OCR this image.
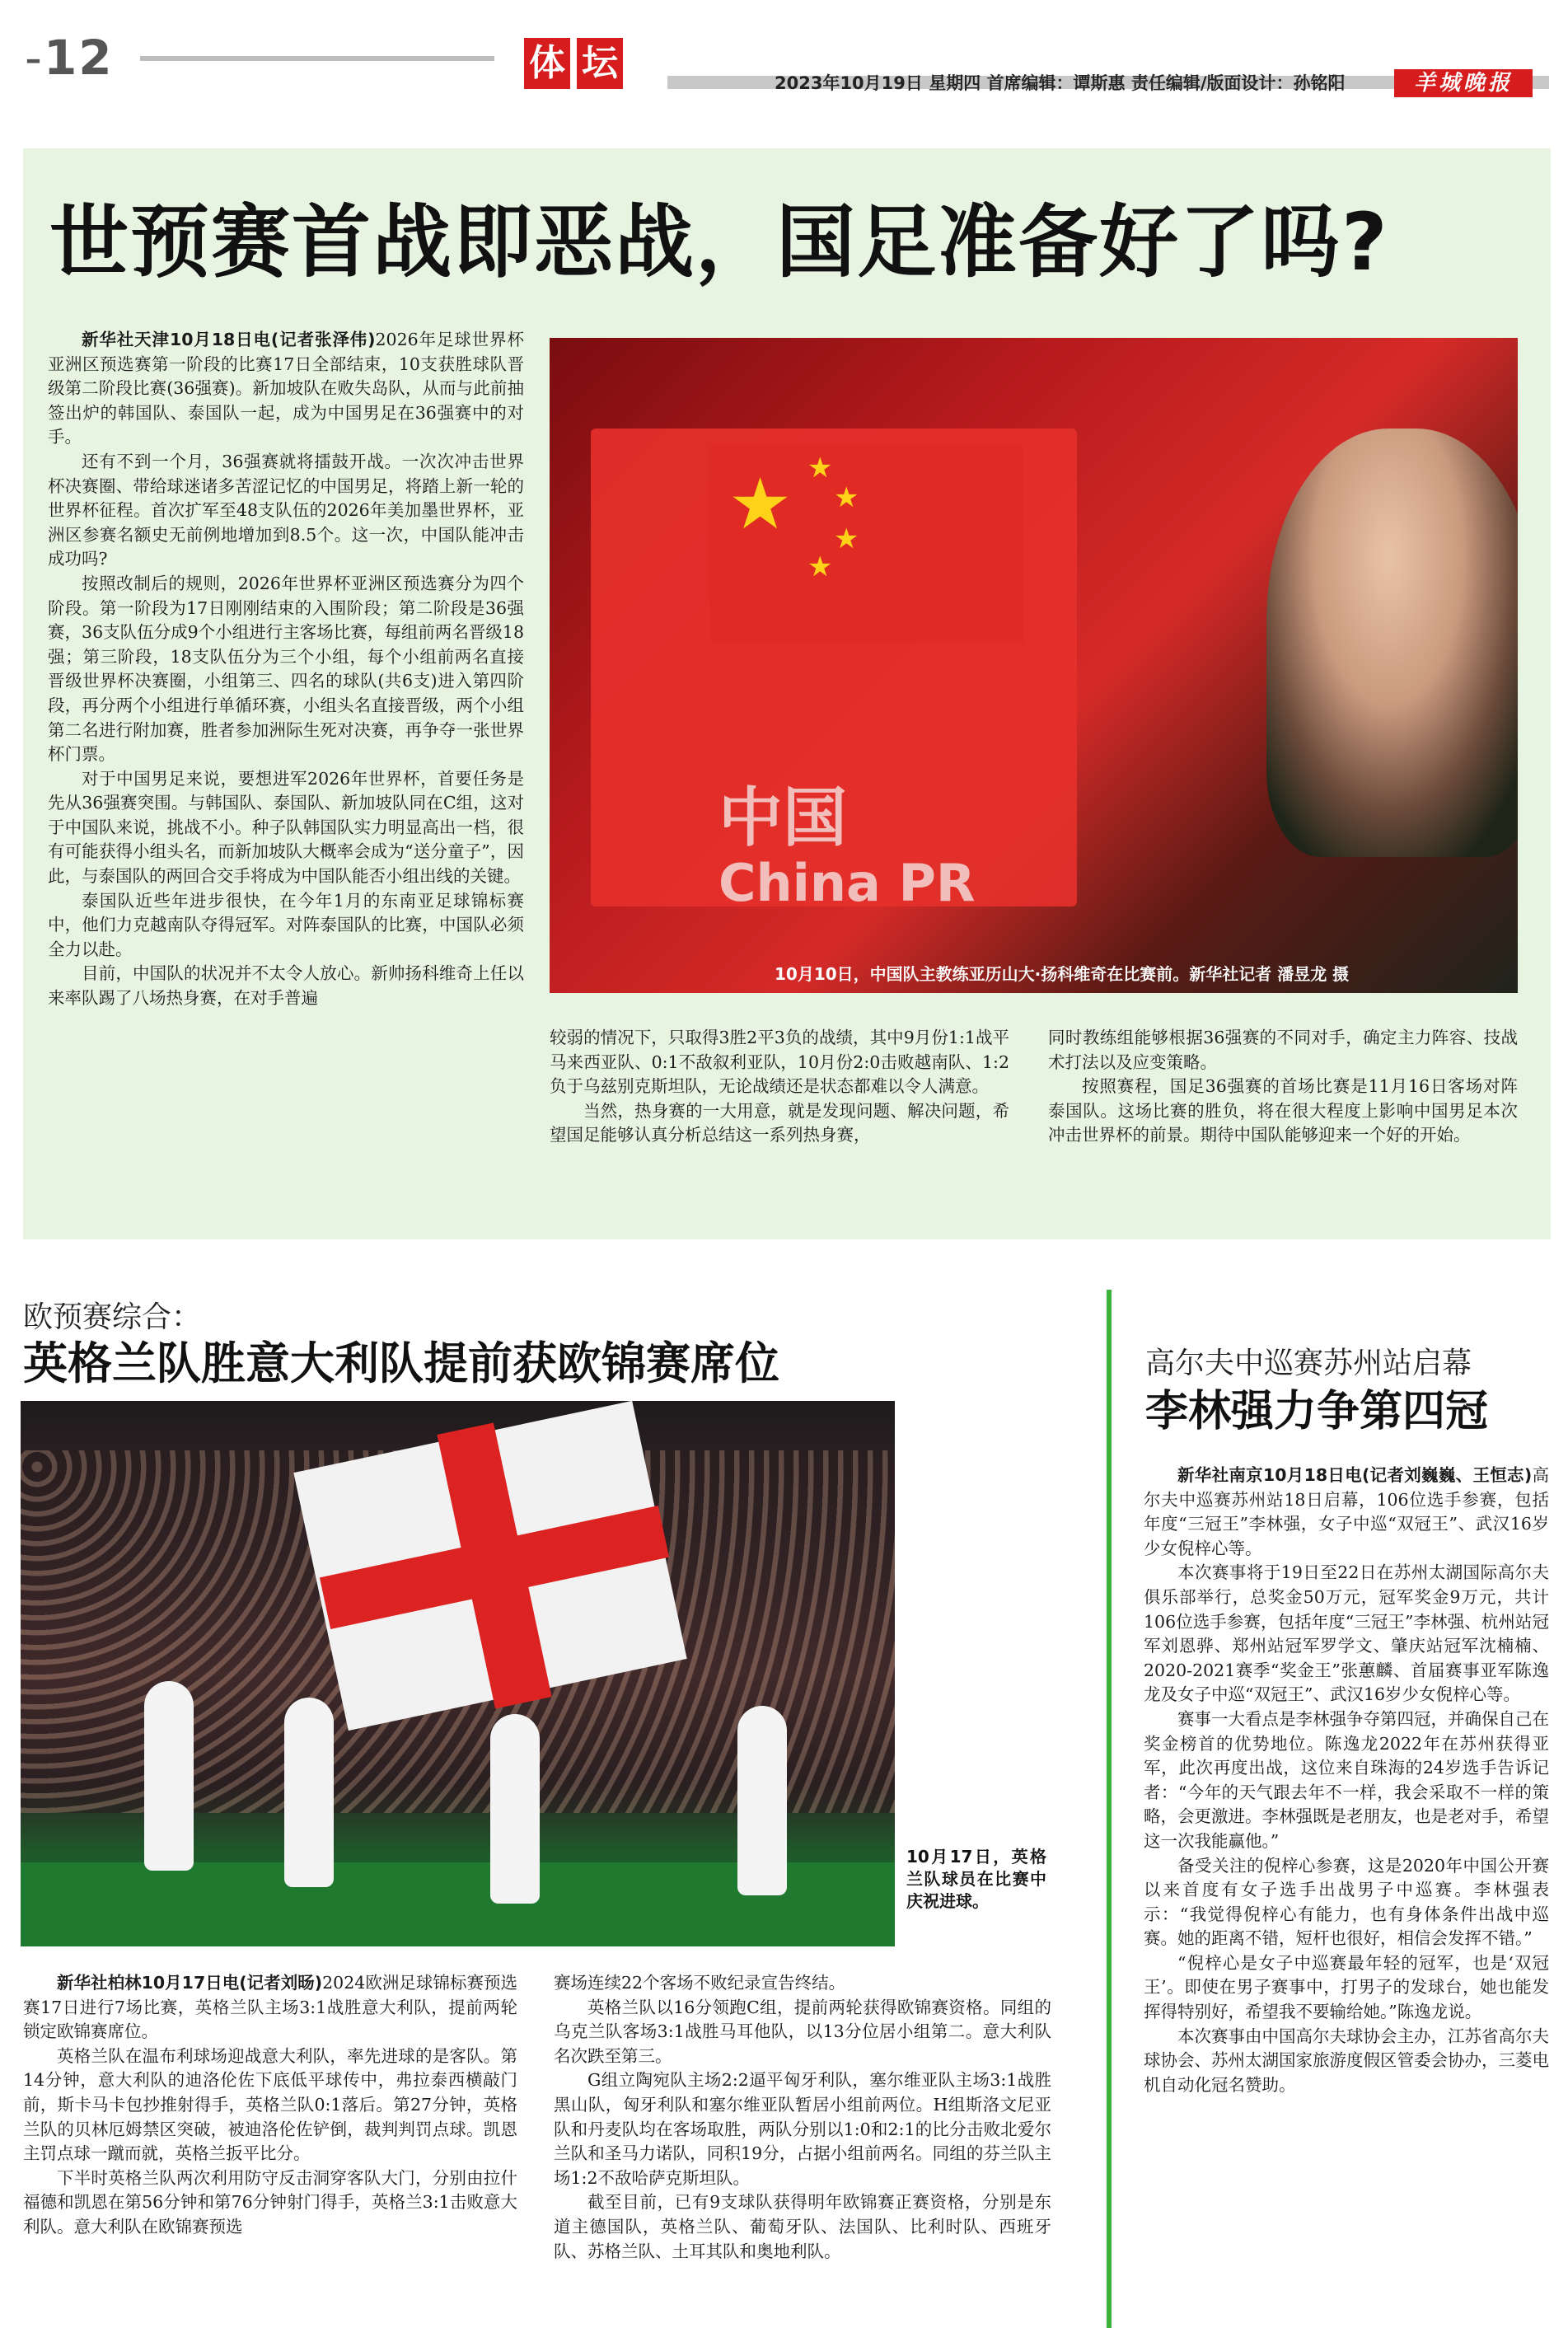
-12	体 坛	2023年10月19日 星期四 首席编辑：谭斯惠 责任编辑/版面设计：孙铭阳	羊城晚报
世预赛首战即恶战，国足准备好了吗?

新华社天津10月18日电(记者张泽伟)2026年足球世界杯亚洲区预选赛第一阶段的比赛17日全部结束，10支获胜球队晋级第二阶段比赛(36强赛)。新加坡队在败失岛队，从而与此前抽签出炉的韩国队、泰国队一起，成为中国男足在36强赛中的对手。

还有不到一个月，36强赛就将擂鼓开战。一次次冲击世界杯决赛圈、带给球迷诸多苦涩记忆的中国男足，将踏上新一轮的世界杯征程。首次扩军至48支队伍的2026年美加墨世界杯，亚洲区参赛名额史无前例地增加到8.5个。这一次，中国队能冲击成功吗?

按照改制后的规则，2026年世界杯亚洲区预选赛分为四个阶段。第一阶段为17日刚刚结束的入围阶段；第二阶段是36强赛，36支队伍分成9个小组进行主客场比赛，每组前两名晋级18强；第三阶段，18支队伍分为三个小组，每个小组前两名直接晋级世界杯决赛圈，小组第三、四名的球队(共6支)进入第四阶段，再分两个小组进行单循环赛，小组头名直接晋级，两个小组第二名进行附加赛，胜者参加洲际生死对决赛，再争夺一张世界杯门票。

对于中国男足来说，要想进军2026年世界杯，首要任务是先从36强赛突围。与韩国队、泰国队、新加坡队同在C组，这对于中国队来说，挑战不小。种子队韩国队实力明显高出一档，很有可能获得小组头名，而新加坡队大概率会成为“送分童子”，因此，与泰国队的两回合交手将成为中国队能否小组出线的关键。

泰国队近些年进步很快，在今年1月的东南亚足球锦标赛中，他们力克越南队夺得冠军。对阵泰国队的比赛，中国队必须全力以赴。

目前，中国队的状况并不太令人放心。新帅扬科维奇上任以来率队踢了八场热身赛，在对手普遍

★ ★
★
★
★
中国
China PR
10月10日，中国队主教练亚历山大·扬科维奇在比赛前。新华社记者 潘昱龙 摄

较弱的情况下，只取得3胜2平3负的战绩，其中9月份1:1战平马来西亚队、0:1不敌叙利亚队，10月份2:0击败越南队、1:2负于乌兹别克斯坦队，无论战绩还是状态都难以令人满意。

当然，热身赛的一大用意，就是发现问题、解决问题，希望国足能够认真分析总结这一系列热身赛，

同时教练组能够根据36强赛的不同对手，确定主力阵容、技战术打法以及应变策略。

按照赛程，国足36强赛的首场比赛是11月16日客场对阵泰国队。这场比赛的胜负，将在很大程度上影响中国男足本次冲击世界杯的前景。期待中国队能够迎来一个好的开始。

欧预赛综合：
英格兰队胜意大利队提前获欧锦赛席位
10月17日，英格兰队球员在比赛中庆祝进球。

新华社柏林10月17日电(记者刘旸)2024欧洲足球锦标赛预选赛17日进行7场比赛，英格兰队主场3:1战胜意大利队，提前两轮锁定欧锦赛席位。

英格兰队在温布利球场迎战意大利队，率先进球的是客队。第14分钟，意大利队的迪洛伦佐下底低平球传中，弗拉泰西横敲门前，斯卡马卡包抄推射得手，英格兰队0:1落后。第27分钟，英格兰队的贝林厄姆禁区突破，被迪洛伦佐铲倒，裁判判罚点球。凯恩主罚点球一蹴而就，英格兰扳平比分。

下半时英格兰队两次利用防守反击洞穿客队大门，分别由拉什福德和凯恩在第56分钟和第76分钟射门得手，英格兰3:1击败意大利队。意大利队在欧锦赛预选

赛场连续22个客场不败纪录宣告终结。

英格兰队以16分领跑C组，提前两轮获得欧锦赛资格。同组的乌克兰队客场3:1战胜马耳他队，以13分位居小组第二。意大利队名次跌至第三。

G组立陶宛队主场2:2逼平匈牙利队，塞尔维亚队主场3:1战胜黑山队，匈牙利队和塞尔维亚队暂居小组前两位。H组斯洛文尼亚队和丹麦队均在客场取胜，两队分别以1:0和2:1的比分击败北爱尔兰队和圣马力诺队，同积19分，占据小组前两名。同组的芬兰队主场1:2不敌哈萨克斯坦队。

截至目前，已有9支球队获得明年欧锦赛正赛资格，分别是东道主德国队，英格兰队、葡萄牙队、法国队、比利时队、西班牙队、苏格兰队、土耳其队和奥地利队。

高尔夫中巡赛苏州站启幕
李林强力争第四冠

新华社南京10月18日电(记者刘巍巍、王恒志)高尔夫中巡赛苏州站18日启幕，106位选手参赛，包括年度“三冠王”李林强，女子中巡“双冠王”、武汉16岁少女倪梓心等。

本次赛事将于19日至22日在苏州太湖国际高尔夫俱乐部举行，总奖金50万元，冠军奖金9万元，共计106位选手参赛，包括年度“三冠王”李林强、杭州站冠军刘恩骅、郑州站冠军罗学文、肇庆站冠军沈楠楠、2020-2021赛季“奖金王”张蕙麟、首届赛事亚军陈逸龙及女子中巡“双冠王”、武汉16岁少女倪梓心等。

赛事一大看点是李林强争夺第四冠，并确保自己在奖金榜首的优势地位。陈逸龙2022年在苏州获得亚军，此次再度出战，这位来自珠海的24岁选手告诉记者：“今年的天气跟去年不一样，我会采取不一样的策略，会更激进。李林强既是老朋友，也是老对手，希望这一次我能赢他。”

备受关注的倪梓心参赛，这是2020年中国公开赛以来首度有女子选手出战男子中巡赛。李林强表示：“我觉得倪梓心有能力，也有身体条件出战中巡赛。她的距离不错，短杆也很好，相信会发挥不错。”

“倪梓心是女子中巡赛最年轻的冠军，也是‘双冠王’。即使在男子赛事中，打男子的发球台，她也能发挥得特别好，希望我不要输给她。”陈逸龙说。

本次赛事由中国高尔夫球协会主办，江苏省高尔夫球协会、苏州太湖国家旅游度假区管委会协办，三菱电机自动化冠名赞助。
